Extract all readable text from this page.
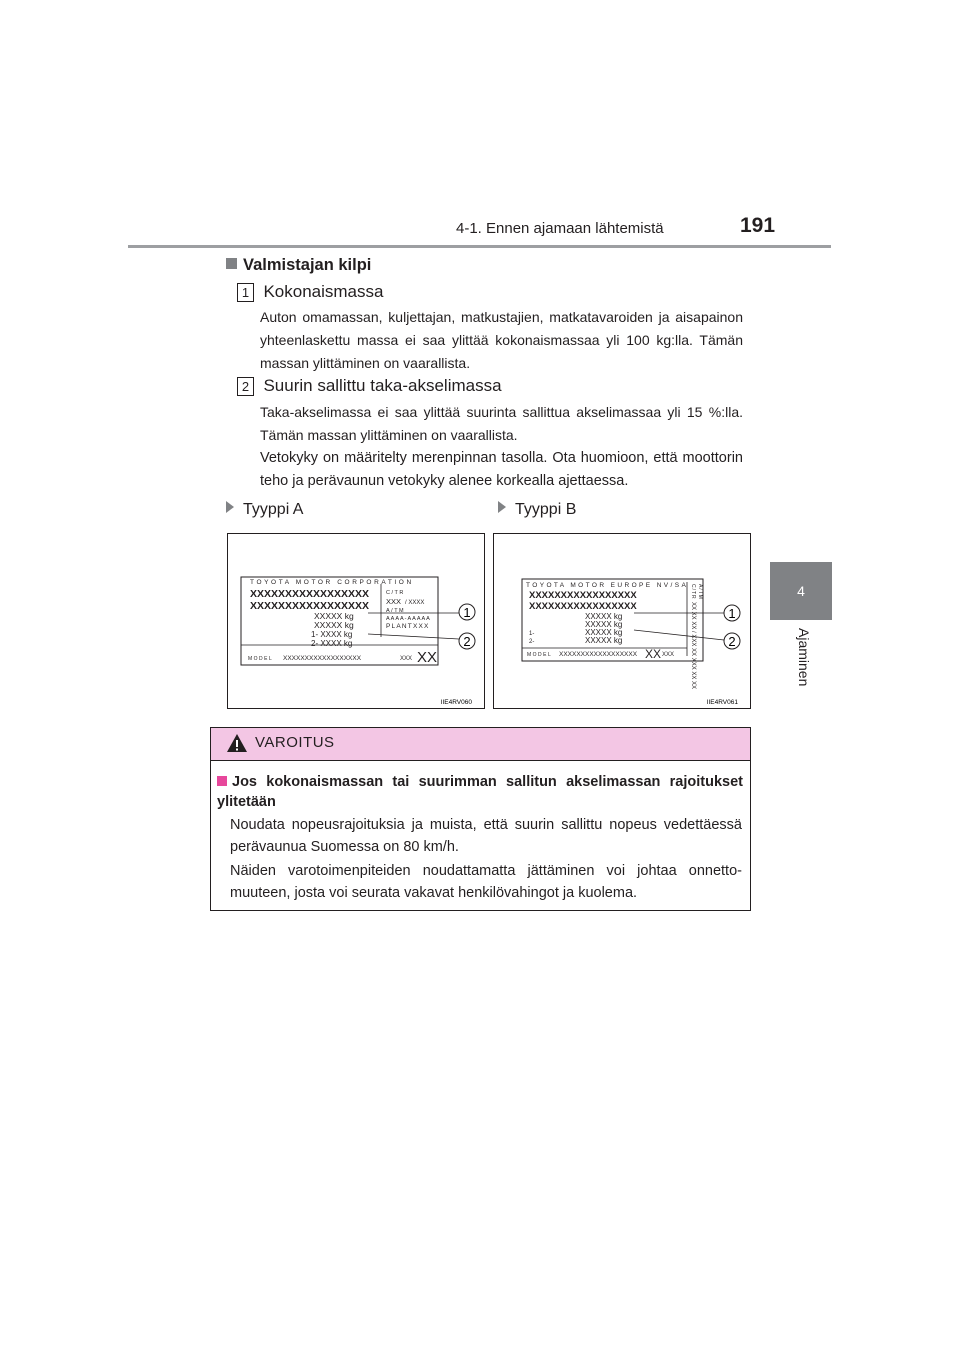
4-1. Ennen ajamaan lähtemistä	191
4
Ajaminen
Valmistajan kilpi
1 Kokonaismassa
Auton omamassan, kuljettajan, matkustajien, matkatavaroiden ja aisapainon yhteenlaskettu massa ei saa ylittää kokonaismassaa yli 100 kg:lla. Tämän massan ylittäminen on vaarallista.
2 Suurin sallittu taka-akselimassa
Taka-akselimassa ei saa ylittää suurinta sallittua akselimassaa yli 15 %:lla. Tämän massan ylittäminen on vaarallista.
Vetokyky on määritelty merenpinnan tasolla. Ota huomioon, että moottorin teho ja perävaunun vetokyky alenee korkealla ajettaessa.
Tyyppi A	Tyyppi B
TOYOTA MOTOR CORPORATION
XXXXXXXXXXXXXXXXX
XXXXXXXXXXXXXXXXX
C/TR
XXX / XXXX
A/TM
AAAA-AAAAA
PLANTXXX
XXXXX kg
XXXXX kg
1- XXXX kg
2- XXXX kg
MODEL XXXXXXXXXXXXXXXXXX	XXX XX
1
2
IIE4RV060
TOYOTA MOTOR EUROPE NV/SA
XXXXXXXXXXXXXXXXX
XXXXXXXXXXXXXXXXX
XXXXX kg
XXXXX kg
1-
2-
XXXXX kg
XXXXX kg
MODEL XXXXXXXXXXXXXXXXXX XX XXX
C/TR A/TM
XX XX XX / XXX XX XXX XX XX 1
2
IIE4RV061
VAROITUS
Jos kokonaismassan tai suurimman sallitun akselimassan rajoitukset ylitetään
Noudata nopeusrajoituksia ja muista, että suurin sallittu nopeus vedettäessä perävaunua Suomessa on 80 km/h.
Näiden varotoimenpiteiden noudattamatta jättäminen voi johtaa onnettomuuteen, josta voi seurata vakavat henkilövahingot ja kuolema.
